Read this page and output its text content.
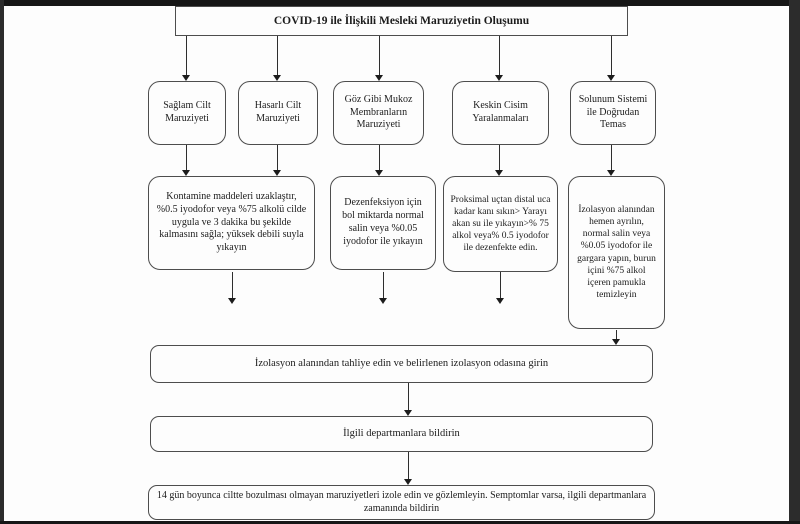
COVID-19 ile İlişkili Mesleki Maruziyetin Oluşumu
Sağlam Cilt Maruziyeti
Hasarlı Cilt Maruziyeti
Göz Gibi Mukoz Membranların Maruziyeti
Keskin Cisim Yaralanmaları
Solunum Sistemi ile Doğrudan Temas
Kontamine maddeleri uzaklaştır, %0.5 iyodofor veya %75 alkolü cilde uygula ve 3 dakika bu şekilde kalmasını sağla; yüksek debili suyla yıkayın
Dezenfeksiyon için bol miktarda normal salin veya %0.05 iyodofor ile yıkayın
Proksimal uçtan distal uca kadar kanı sıkın> Yarayı akan su ile yıkayın>% 75 alkol veya% 0.5 iyodofor ile dezenfekte edin.
İzolasyon alanından hemen ayrılın, normal salin veya %0.05 iyodofor ile gargara yapın, burun içini %75 alkol içeren pamukla temizleyin
İzolasyon alanından tahliye edin ve belirlenen izolasyon odasına girin
İlgili departmanlara bildirin
14 gün boyunca ciltte bozulması olmayan maruziyetleri izole edin ve gözlemleyin. Semptomlar varsa, ilgili departmanlara zamanında bildirin
